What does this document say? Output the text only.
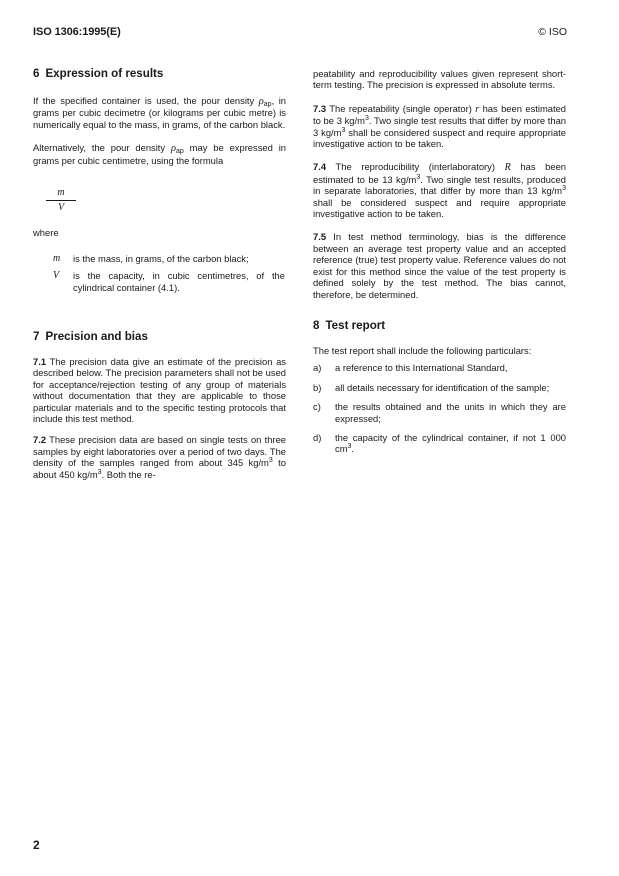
ISO 1306:1995(E)	© ISO
6 Expression of results

If the specified container is used, the pour density $\rho_{ap}$, in grams per cubic decimetre (or kilograms per cubic metre) is numerically equal to the mass, in grams, of the carbon black.

Alternatively, the pour density $\rho_{ap}$ may be expressed in grams per cubic centimetre, using the formula

m
V
where
m	is the mass, in grams, of the carbon black;
V	is the capacity, in cubic centimetres, of the cylindrical container (4.1).
7 Precision and bias

7.1 The precision data give an estimate of the precision as described below. The precision parameters shall not be used for acceptance/rejection testing of any group of materials without documentation that they are applicable to those particular materials and to the specific testing protocols that include this test method.

7.2 These precision data are based on single tests on three samples by eight laboratories over a period of two days. The density of the samples ranged from about 345 $kg/m^3$ to about 450 $kg/m^3$. Both the re-

peatability and reproducibility values given represent short-term testing. The precision is expressed in absolute terms.

7.3 The repeatability (single operator) r has been estimated to be 3 $kg/m^3$. Two single test results that differ by more than 3 $kg/m^3$ shall be considered suspect and require appropriate investigative action to be taken.

7.4 The reproducibility (interlaboratory) R has been estimated to be 13 $kg/m^3$. Two single test results, produced in separate laboratories, that differ by more than 13 $kg/m^3$ shall be considered suspect and require appropriate investigative action to be taken.

7.5 In test method terminology, bias is the difference between an average test property value and an accepted reference (true) test property value. Reference values do not exist for this method since the value of the test property is defined solely by the test method. The bias cannot, therefore, be determined.

8 Test report

The test report shall include the following particulars:

a)	a reference to this International Standard,
b)	all details necessary for identification of the sample;
c)	the results obtained and the units in which they are expressed;
d)	the capacity of the cylindrical container, if not 1 000 $cm^3$.
2
